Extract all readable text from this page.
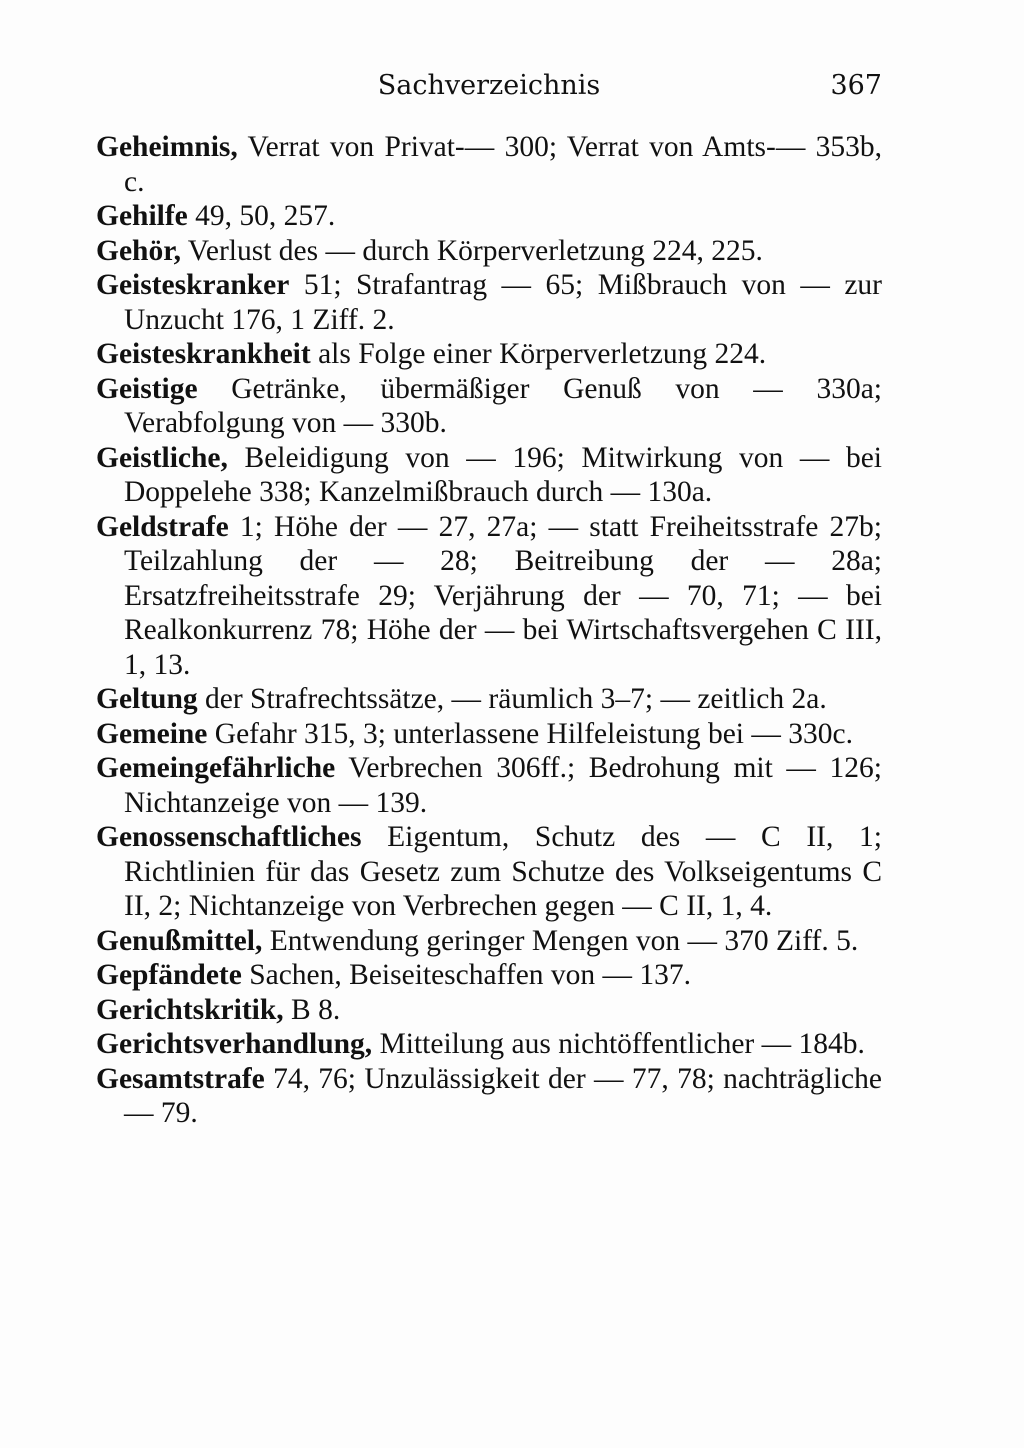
Sachverzeichnis	367
Geheimnis, Verrat von Privat-— 300; Verrat von Amts-— 353b, c.
Gehilfe 49, 50, 257.
Gehör, Verlust des — durch Körperverletzung 224, 225.
Geisteskranker 51; Strafantrag — 65; Mißbrauch von — zur Unzucht 176, 1 Ziff. 2.
Geisteskrankheit als Folge einer Körperverletzung 224.
Geistige Getränke, übermäßiger Genuß von — 330a; Verabfolgung von — 330b.
Geistliche, Beleidigung von — 196; Mitwirkung von — bei Doppelehe 338; Kanzelmißbrauch durch — 130a.
Geldstrafe 1; Höhe der — 27, 27a; — statt Freiheitsstrafe 27b; Teilzahlung der — 28; Beitreibung der — 28a; Ersatzfreiheitsstrafe 29; Verjährung der — 70, 71; — bei Realkonkurrenz 78; Höhe der — bei Wirtschaftsvergehen C III, 1, 13.
Geltung der Strafrechtssätze, — räumlich 3–7; — zeitlich 2a.
Gemeine Gefahr 315, 3; unterlassene Hilfeleistung bei — 330c.
Gemeingefährliche Verbrechen 306ff.; Bedrohung mit — 126; Nichtanzeige von — 139.
Genossenschaftliches Eigentum, Schutz des — C II, 1; Richtlinien für das Gesetz zum Schutze des Volkseigentums C II, 2; Nichtanzeige von Verbrechen gegen — C II, 1, 4.
Genußmittel, Entwendung geringer Mengen von — 370 Ziff. 5.
Gepfändete Sachen, Beiseiteschaffen von — 137.
Gerichtskritik, B 8.
Gerichtsverhandlung, Mitteilung aus nichtöffentlicher — 184b.
Gesamtstrafe 74, 76; Unzulässigkeit der — 77, 78; nachträgliche — 79.
